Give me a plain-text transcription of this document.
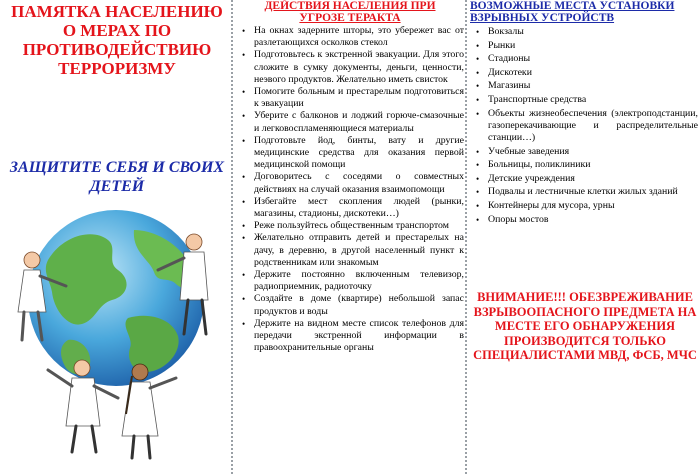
ПАМЯТКА НАСЕЛЕНИЮ О МЕРАХ ПО ПРОТИВОДЕЙСТВИЮ ТЕРРОРИЗМУ
ЗАЩИТИТЕ СЕБЯ И СВОИХ ДЕТЕЙ
ДЕЙСТВИЯ НАСЕЛЕНИЯ ПРИ УГРОЗЕ ТЕРАКТА
• На окнах задерните шторы, это убережет вас от разлетающихся осколков стекол
• Подготовьтесь к экстренной эвакуации. Для этого сложите в сумку документы, деньги, ценности, неэвого продуктов. Желательно иметь свисток
• Помогите больным и престарелым подготовиться к эвакуации
• Уберите с балконов и лоджий горюче-смазочные и легковоспламеняющиеся материалы
• Подготовьте йод, бинты, вату и другие медицинские средства для оказания первой медицинской помощи
• Договоритесь с соседями о совместных действиях на случай оказания взаимопомощи
• Избегайте мест скопления людей (рынки, магазины, стадионы, дискотеки…)
• Реже пользуйтесь общественным транспортом
• Желательно отправить детей и престарелых на дачу, в деревню, в другой населенный пункт к родственникам или знакомым
• Держите постоянно включенным телевизор, радиоприемник, радиоточку
• Создайте в доме (квартире) небольшой запас продуктов и воды
• Держите на видном месте список телефонов для передачи экстренной информации в правоохранительные органы
ВОЗМОЖНЫЕ МЕСТА УСТАНОВКИ ВЗРЫВНЫХ УСТРОЙСТВ
• Вокзалы
• Рынки
• Стадионы
• Дискотеки
• Магазины
• Транспортные средства
• Объекты жизнеобеспечения (электроподстанции, газоперекачивающие и распределительные станции…)
• Учебные заведения
• Больницы, поликлиники
• Детские учреждения
• Подвалы и лестничные клетки жилых зданий
• Контейнеры для мусора, урны
• Опоры мостов

ВНИМАНИЕ!!! ОБЕЗВРЕЖИВАНИЕ ВЗРЫВООПАСНОГО ПРЕДМЕТА НА МЕСТЕ ЕГО ОБНАРУЖЕНИЯ ПРОИЗВОДИТСЯ ТОЛЬКО СПЕЦИАЛИСТАМИ МВД, ФСБ, МЧС
